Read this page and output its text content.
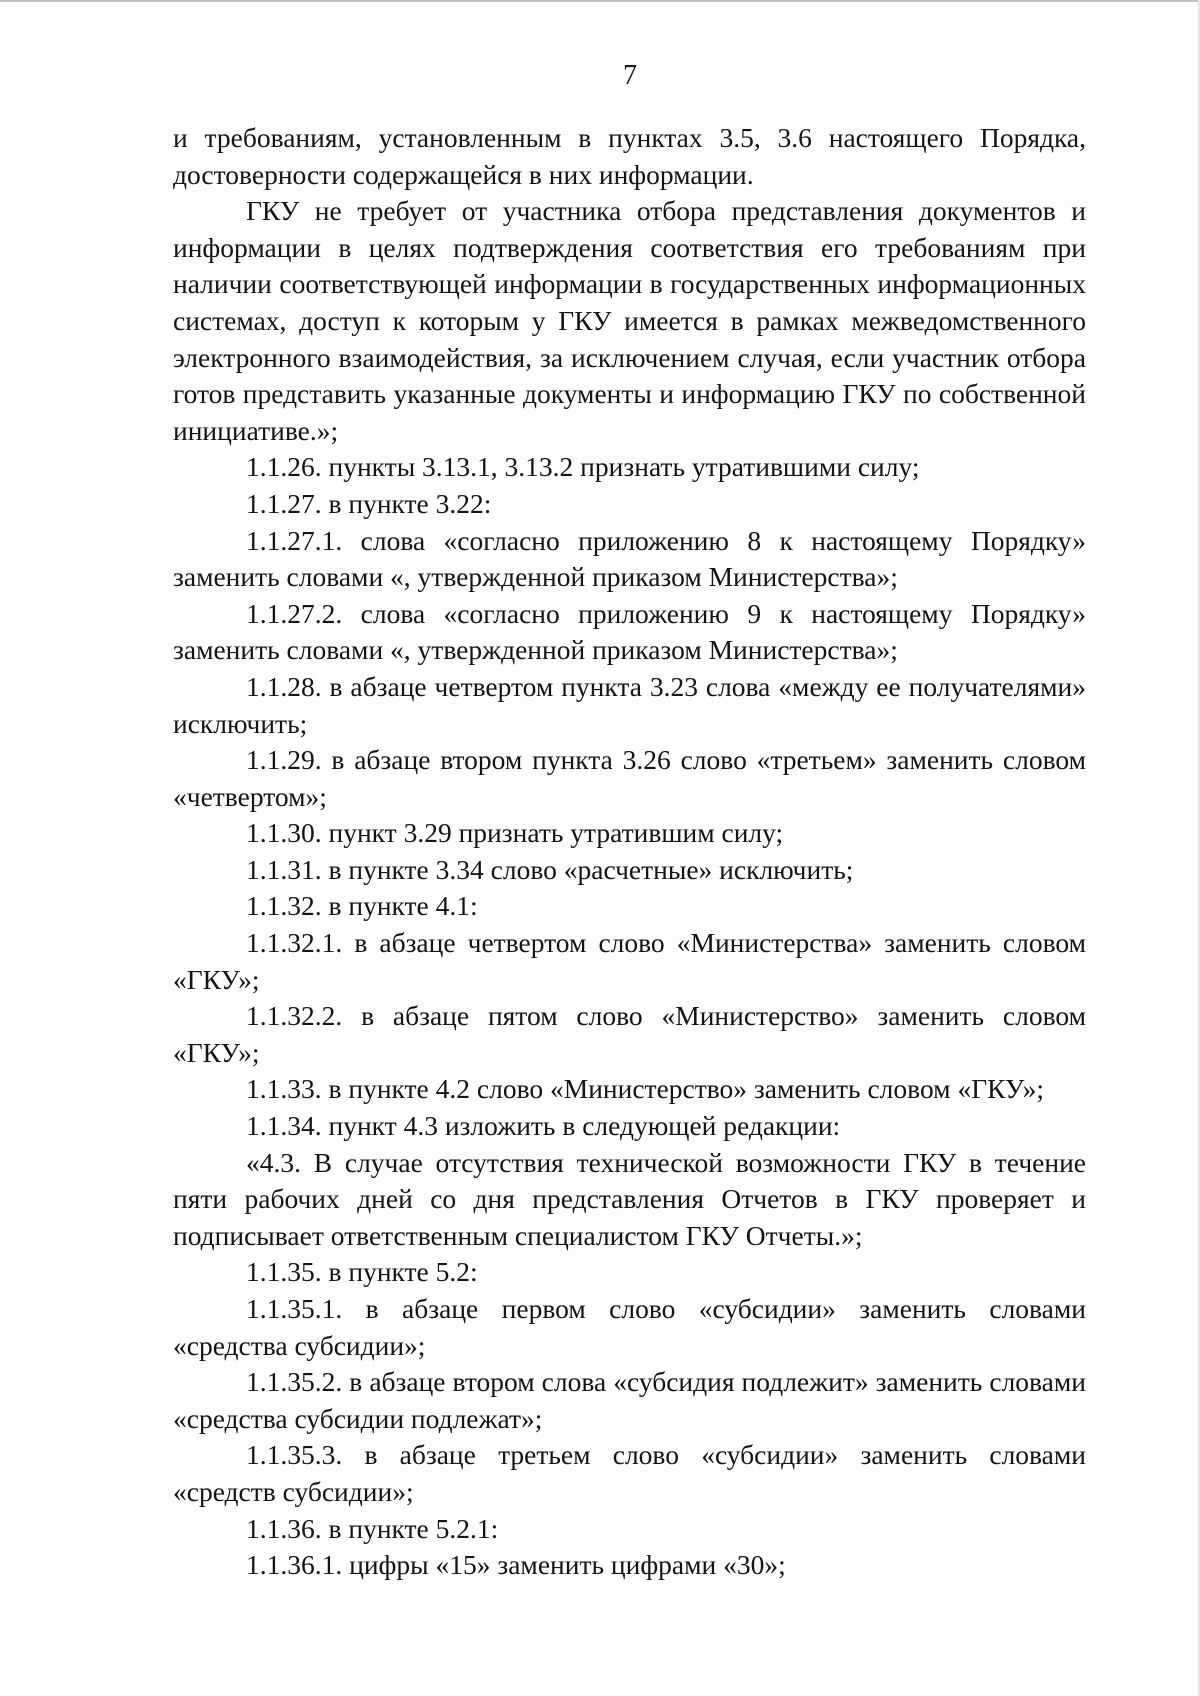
7

и требованиям, установленным в пунктах 3.5, 3.6 настоящего Порядка, достоверности содержащейся в них информации.

ГКУ не требует от участника отбора представления документов и информации в целях подтверждения соответствия его требованиям при наличии соответствующей информации в государственных информационных системах, доступ к которым у ГКУ имеется в рамках межведомственного электронного взаимодействия, за исключением случая, если участник отбора готов представить указанные документы и информацию ГКУ по собственной инициативе.»;

1.1.26. пункты 3.13.1, 3.13.2 признать утратившими силу;

1.1.27. в пункте 3.22:

1.1.27.1. слова «согласно приложению 8 к настоящему Порядку» заменить словами «, утвержденной приказом Министерства»;

1.1.27.2. слова «согласно приложению 9 к настоящему Порядку» заменить словами «, утвержденной приказом Министерства»;

1.1.28. в абзаце четвертом пункта 3.23 слова «между ее получателями» исключить;

1.1.29. в абзаце втором пункта 3.26 слово «третьем» заменить словом «четвертом»;

1.1.30. пункт 3.29 признать утратившим силу;

1.1.31. в пункте 3.34 слово «расчетные» исключить;

1.1.32. в пункте 4.1:

1.1.32.1. в абзаце четвертом слово «Министерства» заменить словом «ГКУ»;

1.1.32.2. в абзаце пятом слово «Министерство» заменить словом «ГКУ»;

1.1.33. в пункте 4.2 слово «Министерство» заменить словом «ГКУ»;

1.1.34. пункт 4.3 изложить в следующей редакции:

«4.3. В случае отсутствия технической возможности ГКУ в течение пяти рабочих дней со дня представления Отчетов в ГКУ проверяет и подписывает ответственным специалистом ГКУ Отчеты.»;

1.1.35. в пункте 5.2:

1.1.35.1. в абзаце первом слово «субсидии» заменить словами «средства субсидии»;

1.1.35.2. в абзаце втором слова «субсидия подлежит» заменить словами «средства субсидии подлежат»;

1.1.35.3. в абзаце третьем слово «субсидии» заменить словами «средств субсидии»;

1.1.36. в пункте 5.2.1:

1.1.36.1. цифры «15» заменить цифрами «30»;
